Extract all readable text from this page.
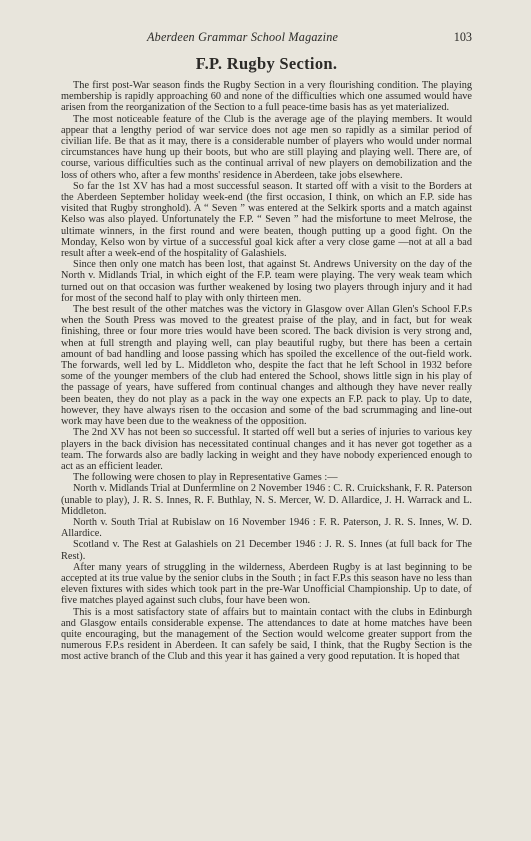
Aberdeen Grammar School Magazine	103
F.P. Rugby Section.

The first post-War season finds the Rugby Section in a very flourishing condition. The playing membership is rapidly approaching 60 and none of the difficulties which one assumed would have arisen from the reorganization of the Section to a full peace-time basis has as yet materialized.

The most noticeable feature of the Club is the average age of the playing members. It would appear that a lengthy period of war service does not age men so rapidly as a similar period of civilian life. Be that as it may, there is a considerable number of players who would under normal circumstances have hung up their boots, but who are still playing and playing well. There are, of course, various difficulties such as the continual arrival of new players on demobilization and the loss of others who, after a few months' residence in Aberdeen, take jobs elsewhere.

So far the 1st XV has had a most successful season. It started off with a visit to the Borders at the Aberdeen September holiday week-end (the first occasion, I think, on which an F.P. side has visited that Rugby stronghold). A “ Seven ” was entered at the Selkirk sports and a match against Kelso was also played. Unfortunately the F.P. “ Seven ” had the misfortune to meet Melrose, the ultimate winners, in the first round and were beaten, though putting up a good fight. On the Monday, Kelso won by virtue of a successful goal kick after a very close game —not at all a bad result after a week-end of the hospitality of Galashiels.

Since then only one match has been lost, that against St. Andrews University on the day of the North v. Midlands Trial, in which eight of the F.P. team were playing. The very weak team which turned out on that occasion was further weakened by losing two players through injury and it had for most of the second half to play with only thirteen men.

The best result of the other matches was the victory in Glasgow over Allan Glen's School F.P.s when the South Press was moved to the greatest praise of the play, and in fact, but for weak finishing, three or four more tries would have been scored. The back division is very strong and, when at full strength and playing well, can play beautiful rugby, but there has been a certain amount of bad handling and loose passing which has spoiled the excellence of the out-field work. The forwards, well led by L. Middleton who, despite the fact that he left School in 1932 before some of the younger members of the club had entered the School, shows little sign in his play of the passage of years, have suffered from continual changes and although they have never really been beaten, they do not play as a pack in the way one expects an F.P. pack to play. Up to date, however, they have always risen to the occasion and some of the bad scrummaging and line-out work may have been due to the weakness of the opposition.

The 2nd XV has not been so successful. It started off well but a series of injuries to various key players in the back division has necessitated continual changes and it has never got together as a team. The forwards also are badly lacking in weight and they have nobody experienced enough to act as an efficient leader.

The following were chosen to play in Representative Games :—

North v. Midlands Trial at Dunfermline on 2 November 1946 : C. R. Cruickshank, F. R. Paterson (unable to play), J. R. S. Innes, R. F. Buthlay, N. S. Mercer, W. D. Allardice, J. H. Warrack and L. Middleton.

North v. South Trial at Rubislaw on 16 November 1946 : F. R. Paterson, J. R. S. Innes, W. D. Allardice.

Scotland v. The Rest at Galashiels on 21 December 1946 : J. R. S. Innes (at full back for The Rest).

After many years of struggling in the wilderness, Aberdeen Rugby is at last beginning to be accepted at its true value by the senior clubs in the South ; in fact F.P.s this season have no less than eleven fixtures with sides which took part in the pre-War Unofficial Championship. Up to date, of five matches played against such clubs, four have been won.

This is a most satisfactory state of affairs but to maintain contact with the clubs in Edinburgh and Glasgow entails considerable expense. The attendances to date at home matches have been quite encouraging, but the management of the Section would welcome greater support from the numerous F.P.s resident in Aberdeen. It can safely be said, I think, that the Rugby Section is the most active branch of the Club and this year it has gained a very good reputation. It is hoped that
